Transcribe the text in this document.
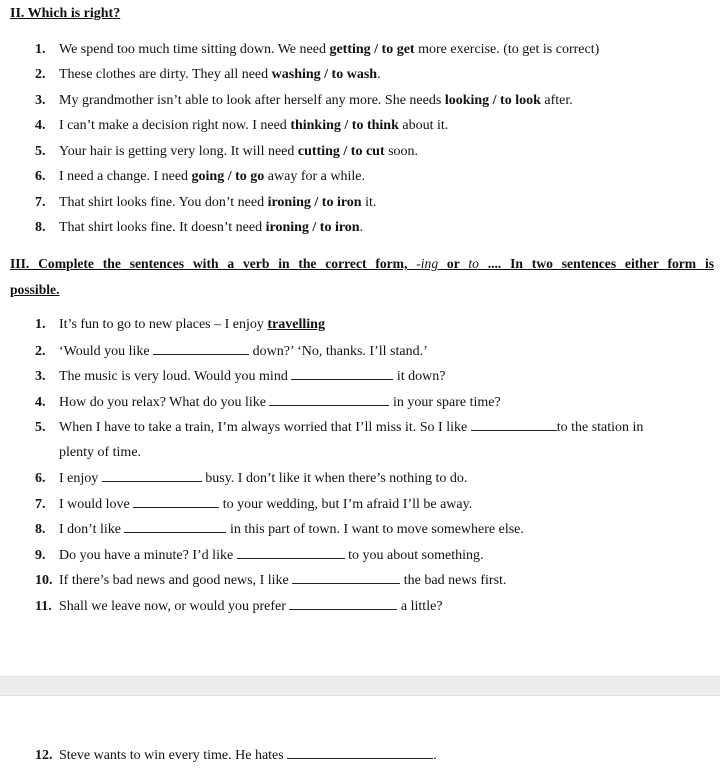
II. Which is right?
1. We spend too much time sitting down. We need getting / to get more exercise. (to get is correct)
2. These clothes are dirty. They all need washing / to wash.
3. My grandmother isn’t able to look after herself any more. She needs looking / to look after.
4. I can’t make a decision right now. I need thinking / to think about it.
5. Your hair is getting very long. It will need cutting / to cut soon.
6. I need a change. I need going / to go away for a while.
7. That shirt looks fine. You don’t need ironing / to iron it.
8. That shirt looks fine. It doesn’t need ironing / to iron.
III. Complete the sentences with a verb in the correct form, -ing or to .... In two sentences either form is
possible.
1. It’s fun to go to new places – I enjoy travelling
2. ‘Would you like	down?’ ‘No, thanks. I’ll stand.’
3. The music is very loud. Would you mind	it down?
4. How do you relax? What do you like	in your spare time?
5. When I have to take a train, I’m always worried that I’ll miss it. So I like	to the station in
plenty of time.
6. I enjoy	busy. I don’t like it when there’s nothing to do.
7. I would love	to your wedding, but I’m afraid I’ll be away.
8. I don’t like	in this part of town. I want to move somewhere else.
9. Do you have a minute? I’d like	to you about something.
10. If there’s bad news and good news, I like	the bad news first.
11. Shall we leave now, or would you prefer	a little?
12. Steve wants to win every time. He hates	.
